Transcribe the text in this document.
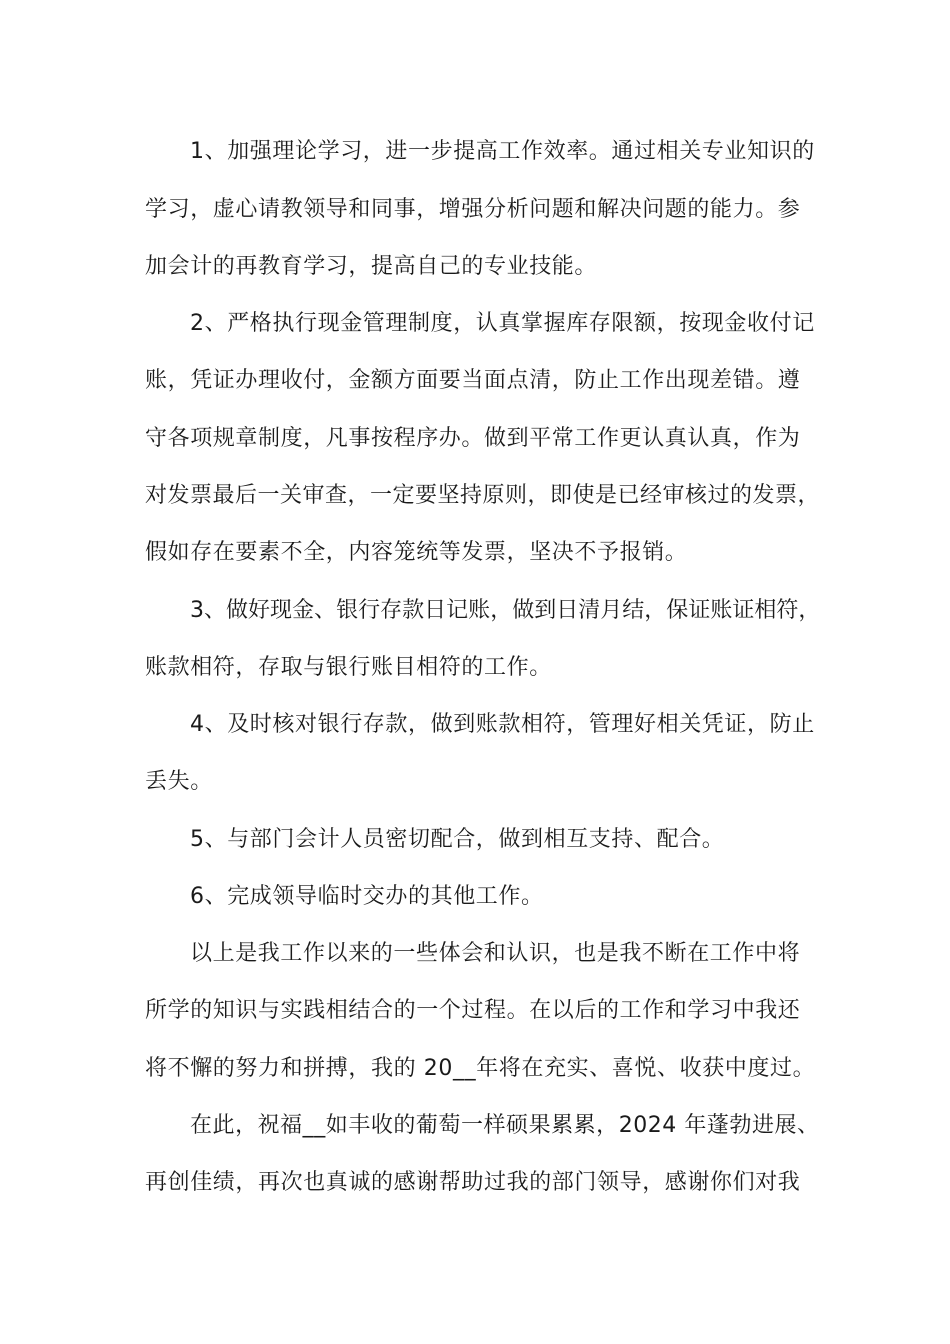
1、加强理论学习，进一步提高工作效率。通过相关专业知识的
学习，虚心请教领导和同事，增强分析问题和解决问题的能力。参
加会计的再教育学习，提高自己的专业技能。
2、严格执行现金管理制度，认真掌握库存限额，按现金收付记
账，凭证办理收付，金额方面要当面点清，防止工作出现差错。遵
守各项规章制度，凡事按程序办。做到平常工作更认真认真，作为
对发票最后一关审查，一定要坚持原则，即使是已经审核过的发票，
假如存在要素不全，内容笼统等发票，坚决不予报销。
3、做好现金、银行存款日记账，做到日清月结，保证账证相符，
账款相符，存取与银行账目相符的工作。
4、及时核对银行存款，做到账款相符，管理好相关凭证，防止
丢失。
5、与部门会计人员密切配合，做到相互支持、配合。
6、完成领导临时交办的其他工作。
以上是我工作以来的一些体会和认识，也是我不断在工作中将
所学的知识与实践相结合的一个过程。在以后的工作和学习中我还
将不懈的努力和拼搏，我的 20__年将在充实、喜悦、收获中度过。
在此，祝福__如丰收的葡萄一样硕果累累，2024 年蓬勃进展、
再创佳绩，再次也真诚的感谢帮助过我的部门领导，感谢你们对我
